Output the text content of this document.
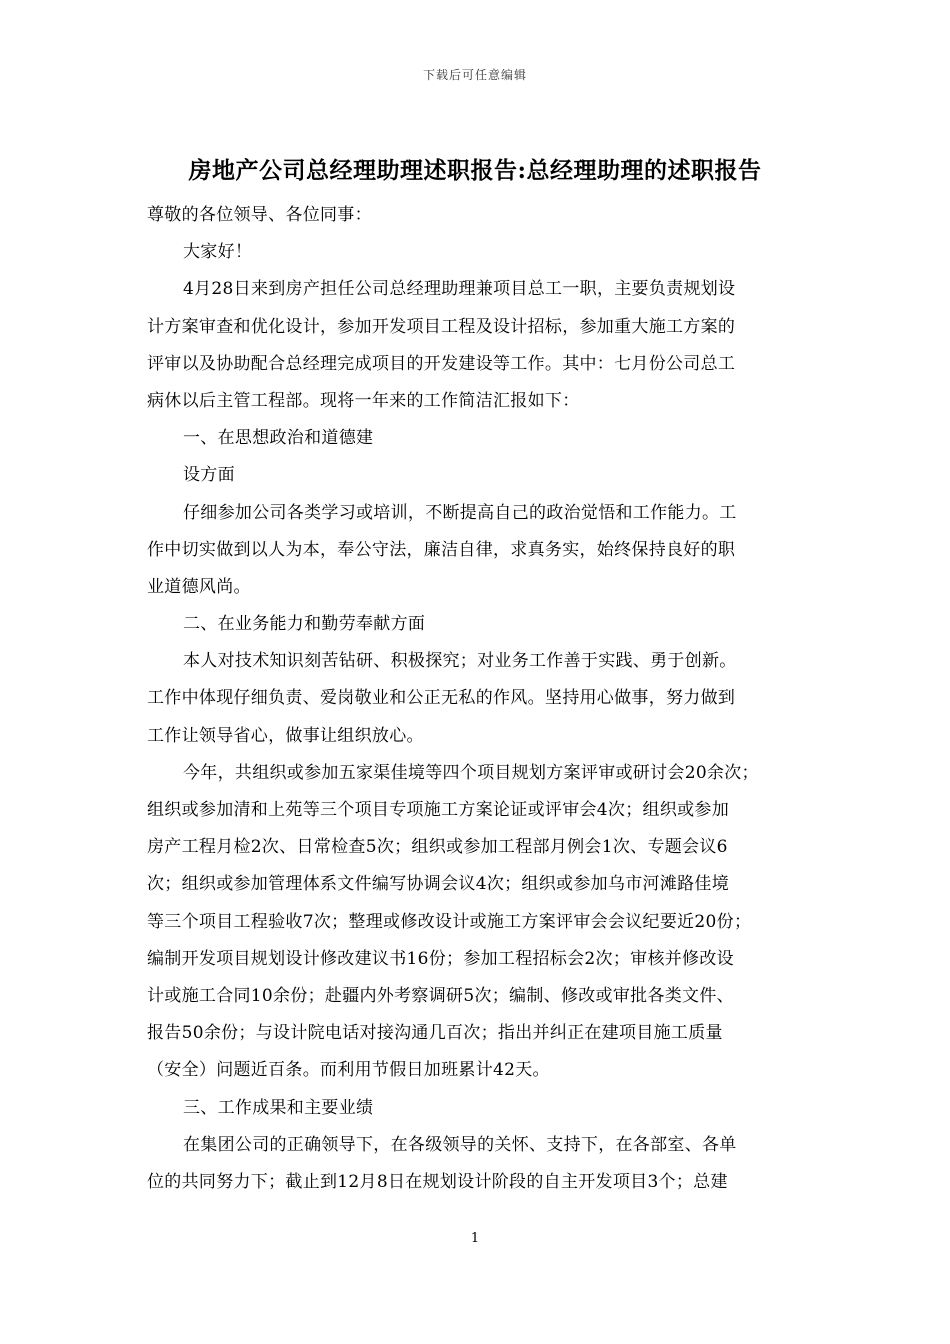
下载后可任意编辑
房地产公司总经理助理述职报告:总经理助理的述职报告
尊敬的各位领导、各位同事：
大家好！
4月28日来到房产担任公司总经理助理兼项目总工一职，主要负责规划设
计方案审查和优化设计，参加开发项目工程及设计招标，参加重大施工方案的
评审以及协助配合总经理完成项目的开发建设等工作。其中：七月份公司总工
病休以后主管工程部。现将一年来的工作简洁汇报如下：
一、在思想政治和道德建
设方面
仔细参加公司各类学习或培训，不断提高自己的政治觉悟和工作能力。工
作中切实做到以人为本，奉公守法，廉洁自律，求真务实，始终保持良好的职
业道德风尚。
二、在业务能力和勤劳奉献方面
本人对技术知识刻苦钻研、积极探究；对业务工作善于实践、勇于创新。
工作中体现仔细负责、爱岗敬业和公正无私的作风。坚持用心做事，努力做到
工作让领导省心，做事让组织放心。
今年，共组织或参加五家渠佳境等四个项目规划方案评审或研讨会20余次；
组织或参加清和上苑等三个项目专项施工方案论证或评审会4次；组织或参加
房产工程月检2次、日常检查5次；组织或参加工程部月例会1次、专题会议6
次；组织或参加管理体系文件编写协调会议4次；组织或参加乌市河滩路佳境
等三个项目工程验收7次；整理或修改设计或施工方案评审会会议纪要近20份；
编制开发项目规划设计修改建议书16份；参加工程招标会2次；审核并修改设
计或施工合同10余份；赴疆内外考察调研5次；编制、修改或审批各类文件、
报告50余份；与设计院电话对接沟通几百次；指出并纠正在建项目施工质量
（安全）问题近百条。而利用节假日加班累计42天。
三、工作成果和主要业绩
在集团公司的正确领导下，在各级领导的关怀、支持下，在各部室、各单
位的共同努力下；截止到12月8日在规划设计阶段的自主开发项目3个；总建
1
